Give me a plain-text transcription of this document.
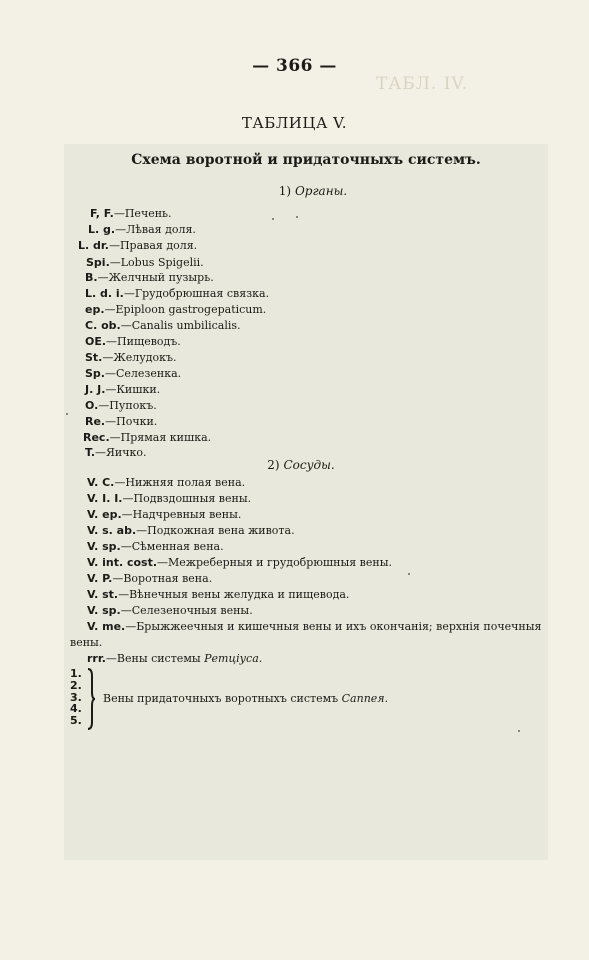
ТАБЛ. IV.
— 366 —
ТАБЛИЦА V.
Схема воротной и придаточныхъ системъ.
1) Органы.
F, F.—Печень.
L. g.—Лѣвая доля.
L. dr.—Правая доля.
Spi.—Lobus Spigelii.
B.—Желчный пузырь.
L. d. i.—Грудобрюшная связка.
ep.—Epiploon gastrogepaticum.
C. ob.—Canalis umbilicalis.
OE.—Пищеводъ.
St.—Желудокъ.
Sp.—Селезенка.
J. J.—Кишки.
O.—Пупокъ.
Re.—Почки.
Rec.—Прямая кишка.
T.—Яичко.
2) Сосуды.
V. C.—Нижняя полая вена.
V. I. I.—Подвздошныя вены.
V. ep.—Надчревныя вены.
V. s. ab.—Подкожная вена живота.
V. sp.—Сѣменная вена.
V. int. cost.—Межреберныя и грудобрюшныя вены.
V. P.—Воротная вена.
V. st.—Вѣнечныя вены желудка и пищевода.
V. sp.—Селезеночныя вены.
V. me.—Брыжжеечныя и кишечныя вены и ихъ окончанія; верхнія почечныя
вены.
rrr.—Вены системы Ретціуса.
1.
2.
3.
4.
5.
Вены придаточныхъ воротныхъ системъ Саппея.
